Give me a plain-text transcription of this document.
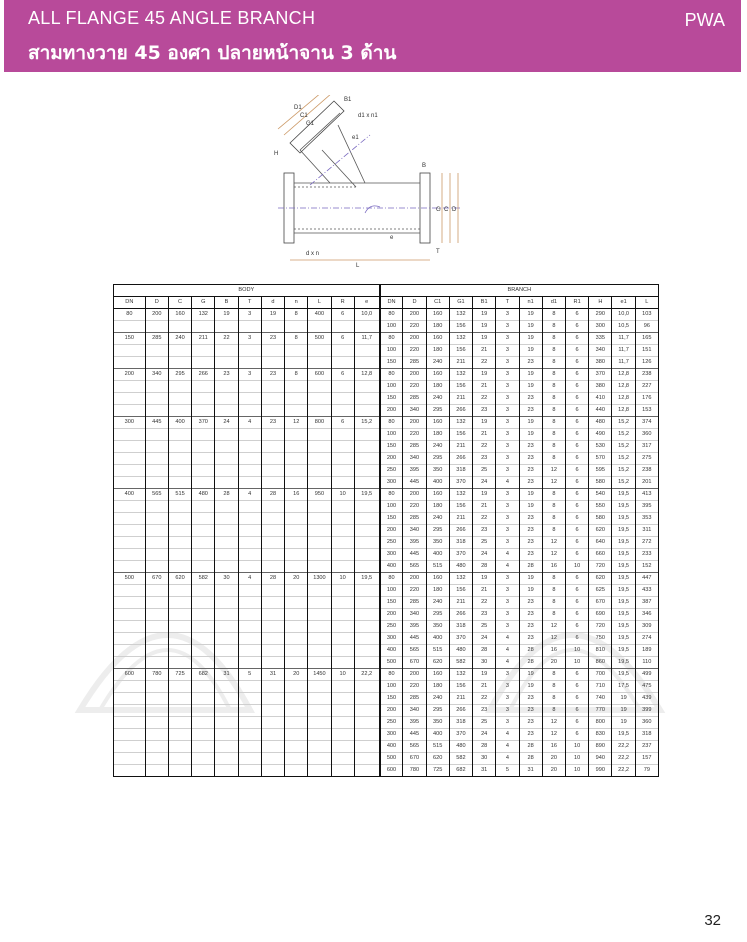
ALL FLANGE 45 ANGLE BRANCH
สามทางวาย 45 องศา ปลายหน้าจาน 3 ด้าน
PWA
D1
C1
G1
B1
d1 x n1
e1
H
B
G C D
d x n
L
e
T
BODY											BRANCH											
DN	D	C	G	B	T	d	n	L	R	e	DN	D	C1	G1	B1	T	n1	d1	R1	H	e1	L
80	200	160	132	19	3	19	8	400	6	10,0	80	200	160	132	19	3	19	8	6	290	10,0	103
											100	220	180	156	19	3	19	8	6	300	10,5	96
150	285	240	211	22	3	23	8	500	6	11,7	80	200	160	132	19	3	19	8	6	335	11,7	165
											100	220	180	156	21	3	19	8	6	340	11,7	151
											150	285	240	211	22	3	23	8	6	380	11,7	126
200	340	295	266	23	3	23	8	600	6	12,8	80	200	160	132	19	3	19	8	6	370	12,8	238
											100	220	180	156	21	3	19	8	6	380	12,8	227
											150	285	240	211	22	3	23	8	6	410	12,8	176
											200	340	295	266	23	3	23	8	6	440	12,8	153
300	445	400	370	24	4	23	12	800	6	15,2	80	200	160	132	19	3	19	8	6	480	15,2	374
											100	220	180	156	21	3	19	8	6	490	15,2	360
											150	285	240	211	22	3	23	8	6	530	15,2	317
											200	340	295	266	23	3	23	8	6	570	15,2	275
											250	395	350	318	25	3	23	12	6	595	15,2	238
											300	445	400	370	24	4	23	12	6	580	15,2	201
400	565	515	480	28	4	28	16	950	10	19,5	80	200	160	132	19	3	19	8	6	540	19,5	413
											100	220	180	156	21	3	19	8	6	550	19,5	395
											150	285	240	211	22	3	23	8	6	580	19,5	353
											200	340	295	266	23	3	23	8	6	620	19,5	311
											250	395	350	318	25	3	23	12	6	640	19,5	272
											300	445	400	370	24	4	23	12	6	660	19,5	233
											400	565	515	480	28	4	28	16	10	720	19,5	152
500	670	620	582	30	4	28	20	1300	10	19,5	80	200	160	132	19	3	19	8	6	620	19,5	447
											100	220	180	156	21	3	19	8	6	625	19,5	433
											150	285	240	211	22	3	23	8	6	670	19,5	387
											200	340	295	266	23	3	23	8	6	690	19,5	346
											250	395	350	318	25	3	23	12	6	720	19,5	309
											300	445	400	370	24	4	23	12	6	750	19,5	274
											400	565	515	480	28	4	28	16	10	810	19,5	189
											500	670	620	582	30	4	28	20	10	860	19,5	110
600	780	725	682	31	5	31	20	1450	10	22,2	80	200	160	132	19	3	19	8	6	700	19,5	499
											100	220	180	156	21	3	19	8	6	710	17,5	475
											150	285	240	211	22	3	23	8	6	740	19	439
											200	340	295	266	23	3	23	8	6	770	19	399
											250	395	350	318	25	3	23	12	6	800	19	360
											300	445	400	370	24	4	23	12	6	830	19,5	318
											400	565	515	480	28	4	28	16	10	890	22,2	237
											500	670	620	582	30	4	28	20	10	940	22,2	157
											600	780	725	682	31	5	31	20	10	990	22,2	79
32
